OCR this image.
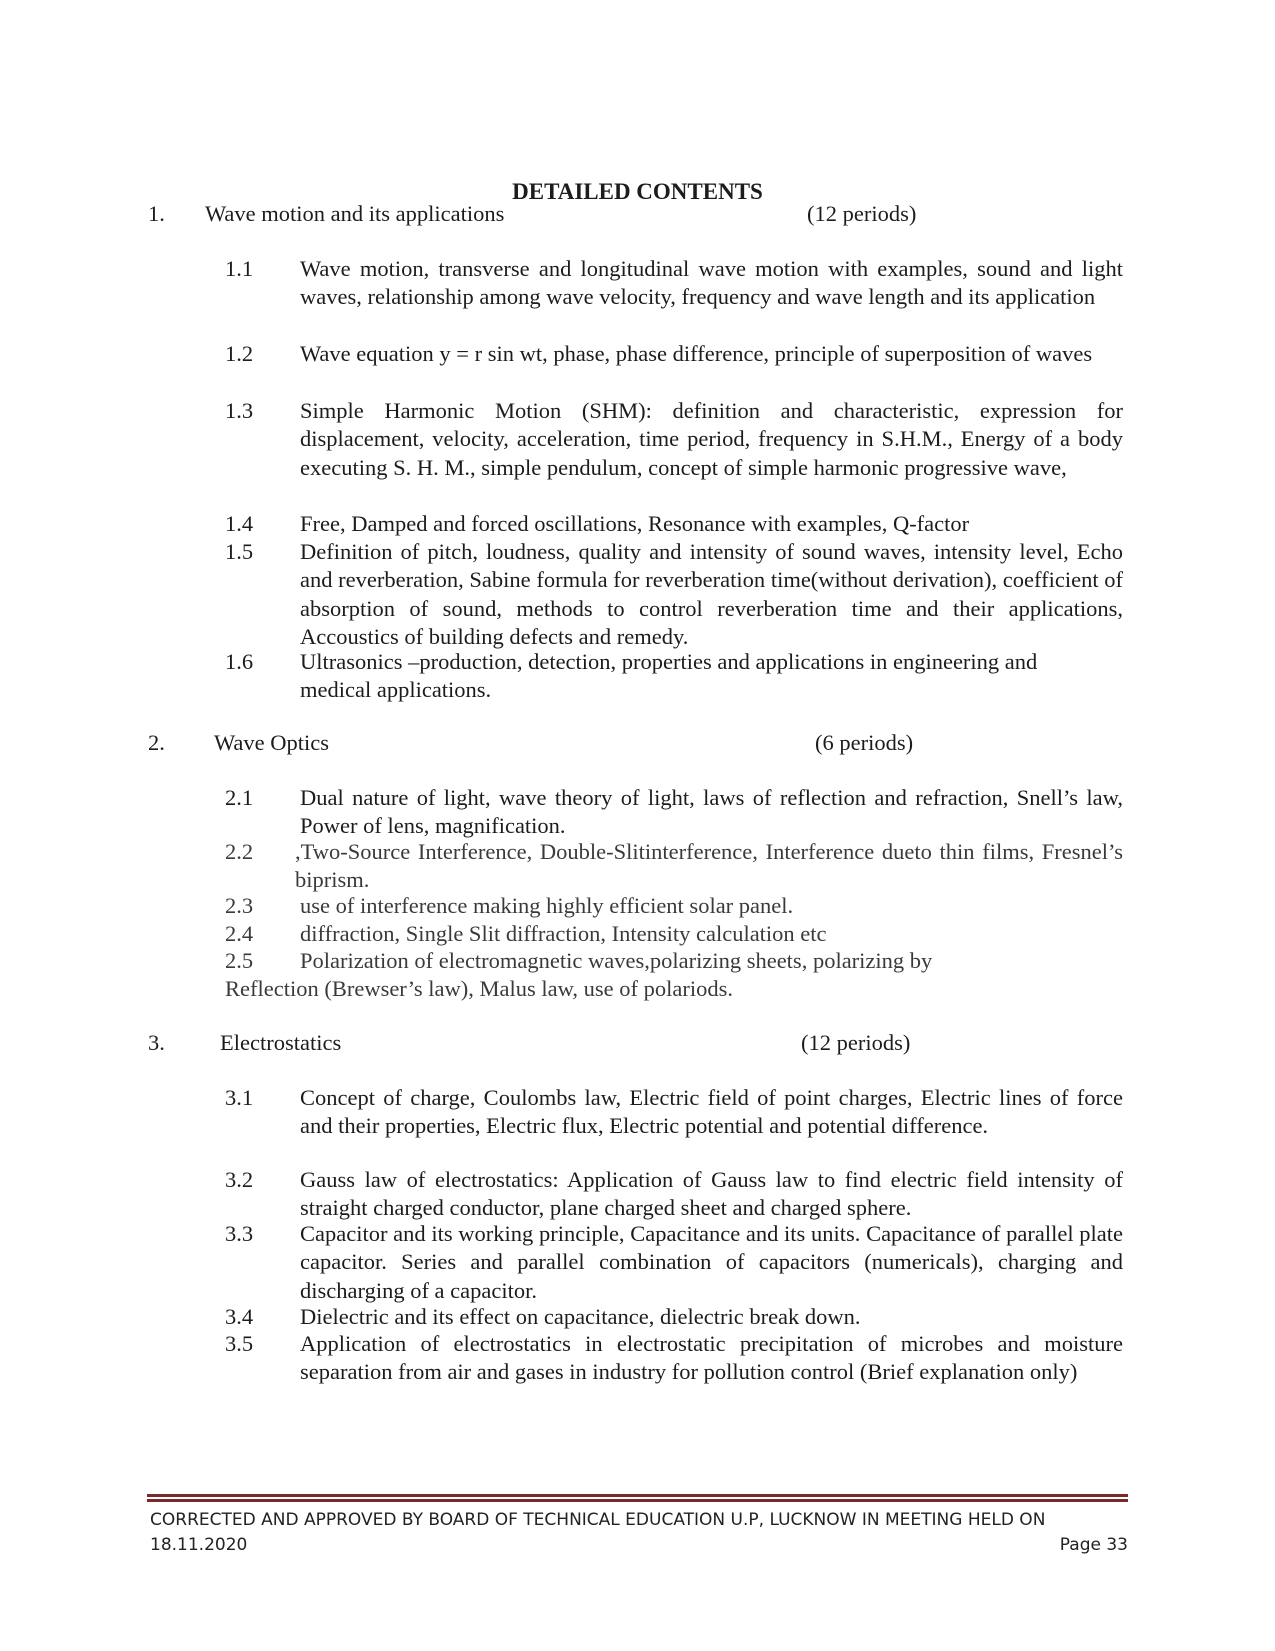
DETAILED CONTENTS
1. Wave motion and its applications	(12 periods)
1.1 Wave motion, transverse and longitudinal wave motion with examples, sound and light waves, relationship among wave velocity, frequency and wave length and its application
1.2 Wave equation y = r sin wt, phase, phase difference, principle of superposition of waves
1.3 Simple Harmonic Motion (SHM): definition and characteristic, expression for displacement, velocity, acceleration, time period, frequency in S.H.M., Energy of a body executing S. H. M., simple pendulum, concept of simple harmonic progressive wave,
1.4 Free, Damped and forced oscillations, Resonance with examples, Q-factor
1.5 Definition of pitch, loudness, quality and intensity of sound waves, intensity level, Echo and reverberation, Sabine formula for reverberation time(without derivation), coefficient of absorption of sound, methods to control reverberation time and their applications, Accoustics of building defects and remedy.
1.6 Ultrasonics –production, detection, properties and applications in engineering and
medical applications.
2. Wave Optics	(6 periods)
2.1 Dual nature of light, wave theory of light, laws of reflection and refraction, Snell’s law, Power of lens, magnification.
2.2 ,Two-Source Interference, Double-Slitinterference, Interference dueto thin films, Fresnel’s biprism.
2.3 use of interference making highly efficient solar panel.
2.4 diffraction, Single Slit diffraction, Intensity calculation etc
2.5 Polarization of electromagnetic waves,polarizing sheets, polarizing by
Reflection (Brewser’s law), Malus law, use of polariods.
3. Electrostatics	(12 periods)
3.1 Concept of charge, Coulombs law, Electric field of point charges, Electric lines of force and their properties, Electric flux, Electric potential and potential difference.
3.2 Gauss law of electrostatics: Application of Gauss law to find electric field intensity of straight charged conductor, plane charged sheet and charged sphere.
3.3 Capacitor and its working principle, Capacitance and its units. Capacitance of parallel plate capacitor. Series and parallel combination of capacitors (numericals), charging and discharging of a capacitor.
3.4 Dielectric and its effect on capacitance, dielectric break down.
3.5 Application of electrostatics in electrostatic precipitation of microbes and moisture separation from air and gases in industry for pollution control (Brief explanation only)
CORRECTED AND APPROVED BY BOARD OF TECHNICAL EDUCATION U.P, LUCKNOW IN MEETING HELD ON
18.11.2020	Page 33
